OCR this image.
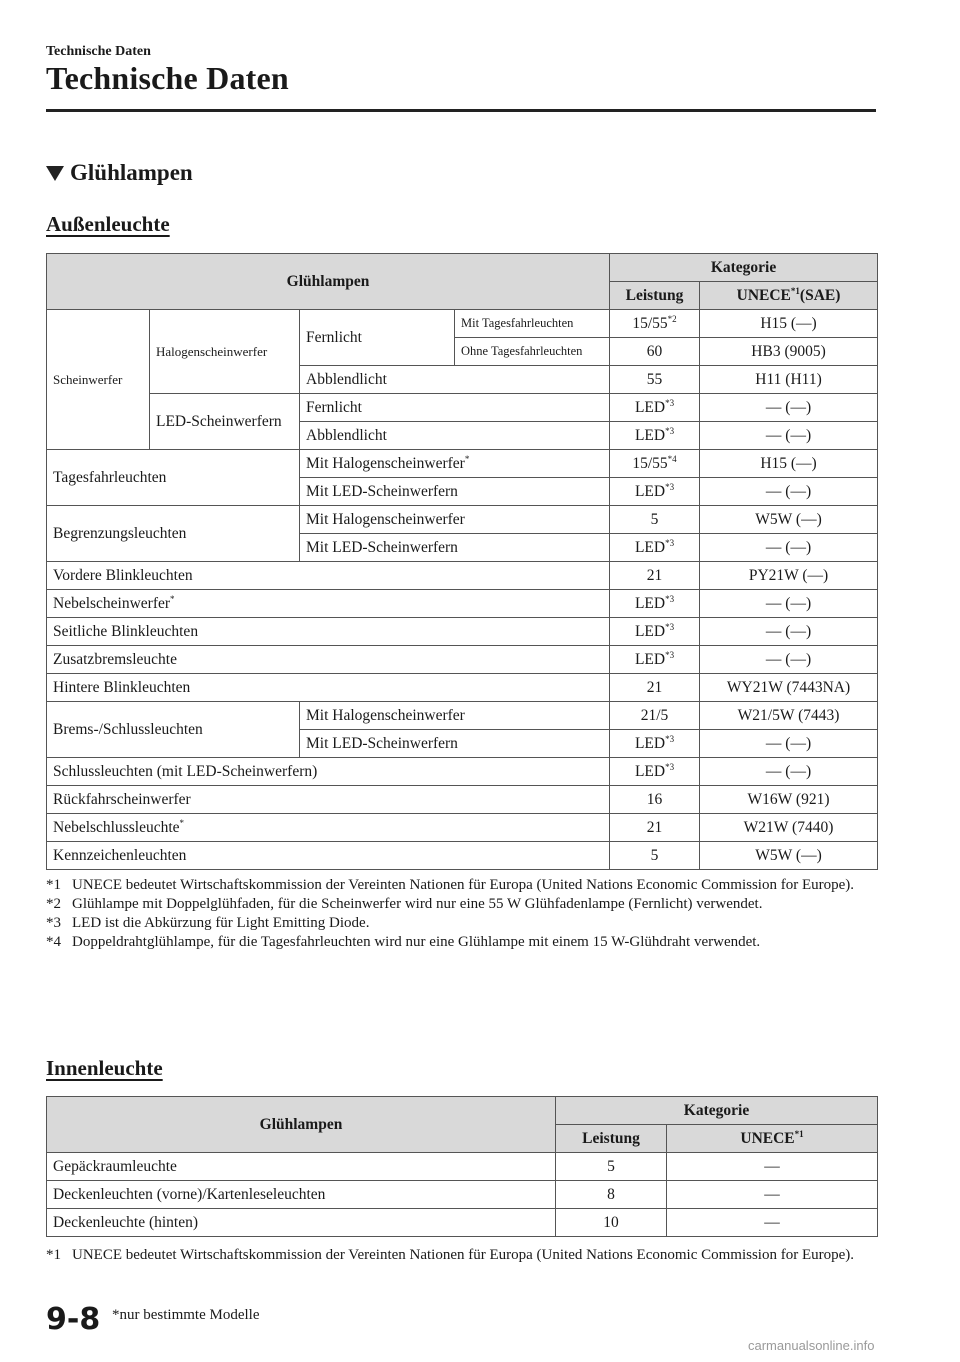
Technische Daten
Technische Daten
Glühlampen
Außenleuchte
Glühlampen				Kategorie	
				Leistung	UNECE$^{*1}$(SAE)
Scheinwerfer	Halogenscheinwerfer	Fernlicht	Mit Tagesfahrleuchten	15/55$^{*2}$	H15 (—)
			Ohne Tagesfahrleuchten	60	HB3 (9005)
		Abblendlicht		55	H11 (H11)
	LED-Scheinwerfern	Fernlicht		LED$^{*3}$	— (—)
		Abblendlicht		LED$^{*3}$	— (—)
Tagesfahrleuchten		Mit Halogenscheinwerfer*		15/55$^{*4}$	H15 (—)
		Mit LED-Scheinwerfern		LED$^{*3}$	— (—)
Begrenzungsleuchten		Mit Halogenscheinwerfer		5	W5W (—)
		Mit LED-Scheinwerfern		LED$^{*3}$	— (—)
Vordere Blinkleuchten				21	PY21W (—)
Nebelscheinwerfer*				LED$^{*3}$	— (—)
Seitliche Blinkleuchten				LED$^{*3}$	— (—)
Zusatzbremsleuchte				LED$^{*3}$	— (—)
Hintere Blinkleuchten				21	WY21W (7443NA)
Brems-/Schlussleuchten		Mit Halogenscheinwerfer		21/5	W21/5W (7443)
		Mit LED-Scheinwerfern		LED$^{*3}$	— (—)
Schlussleuchten (mit LED-Scheinwerfern)				LED$^{*3}$	— (—)
Rückfahrscheinwerfer				16	W16W (921)
Nebelschlussleuchte*				21	W21W (7440)
Kennzeichenleuchten				5	W5W (—)
*1 UNECE bedeutet Wirtschaftskommission der Vereinten Nationen für Europa (United Nations Economic Commission for Europe).
*2 Glühlampe mit Doppelglühfaden, für die Scheinwerfer wird nur eine 55 W Glühfadenlampe (Fernlicht) verwendet.
*3 LED ist die Abkürzung für Light Emitting Diode.
*4 Doppeldrahtglühlampe, für die Tagesfahrleuchten wird nur eine Glühlampe mit einem 15 W-Glühdraht verwendet.
Innenleuchte
Glühlampen	Kategorie	
	Leistung	UNECE$^{*1}$
Gepäckraumleuchte	5	—
Deckenleuchten (vorne)/Kartenleseleuchten	8	—
Deckenleuchte (hinten)	10	—
*1 UNECE bedeutet Wirtschaftskommission der Vereinten Nationen für Europa (United Nations Economic Commission for Europe).
9-8 *nur bestimmte Modelle
carmanualsonline.info
